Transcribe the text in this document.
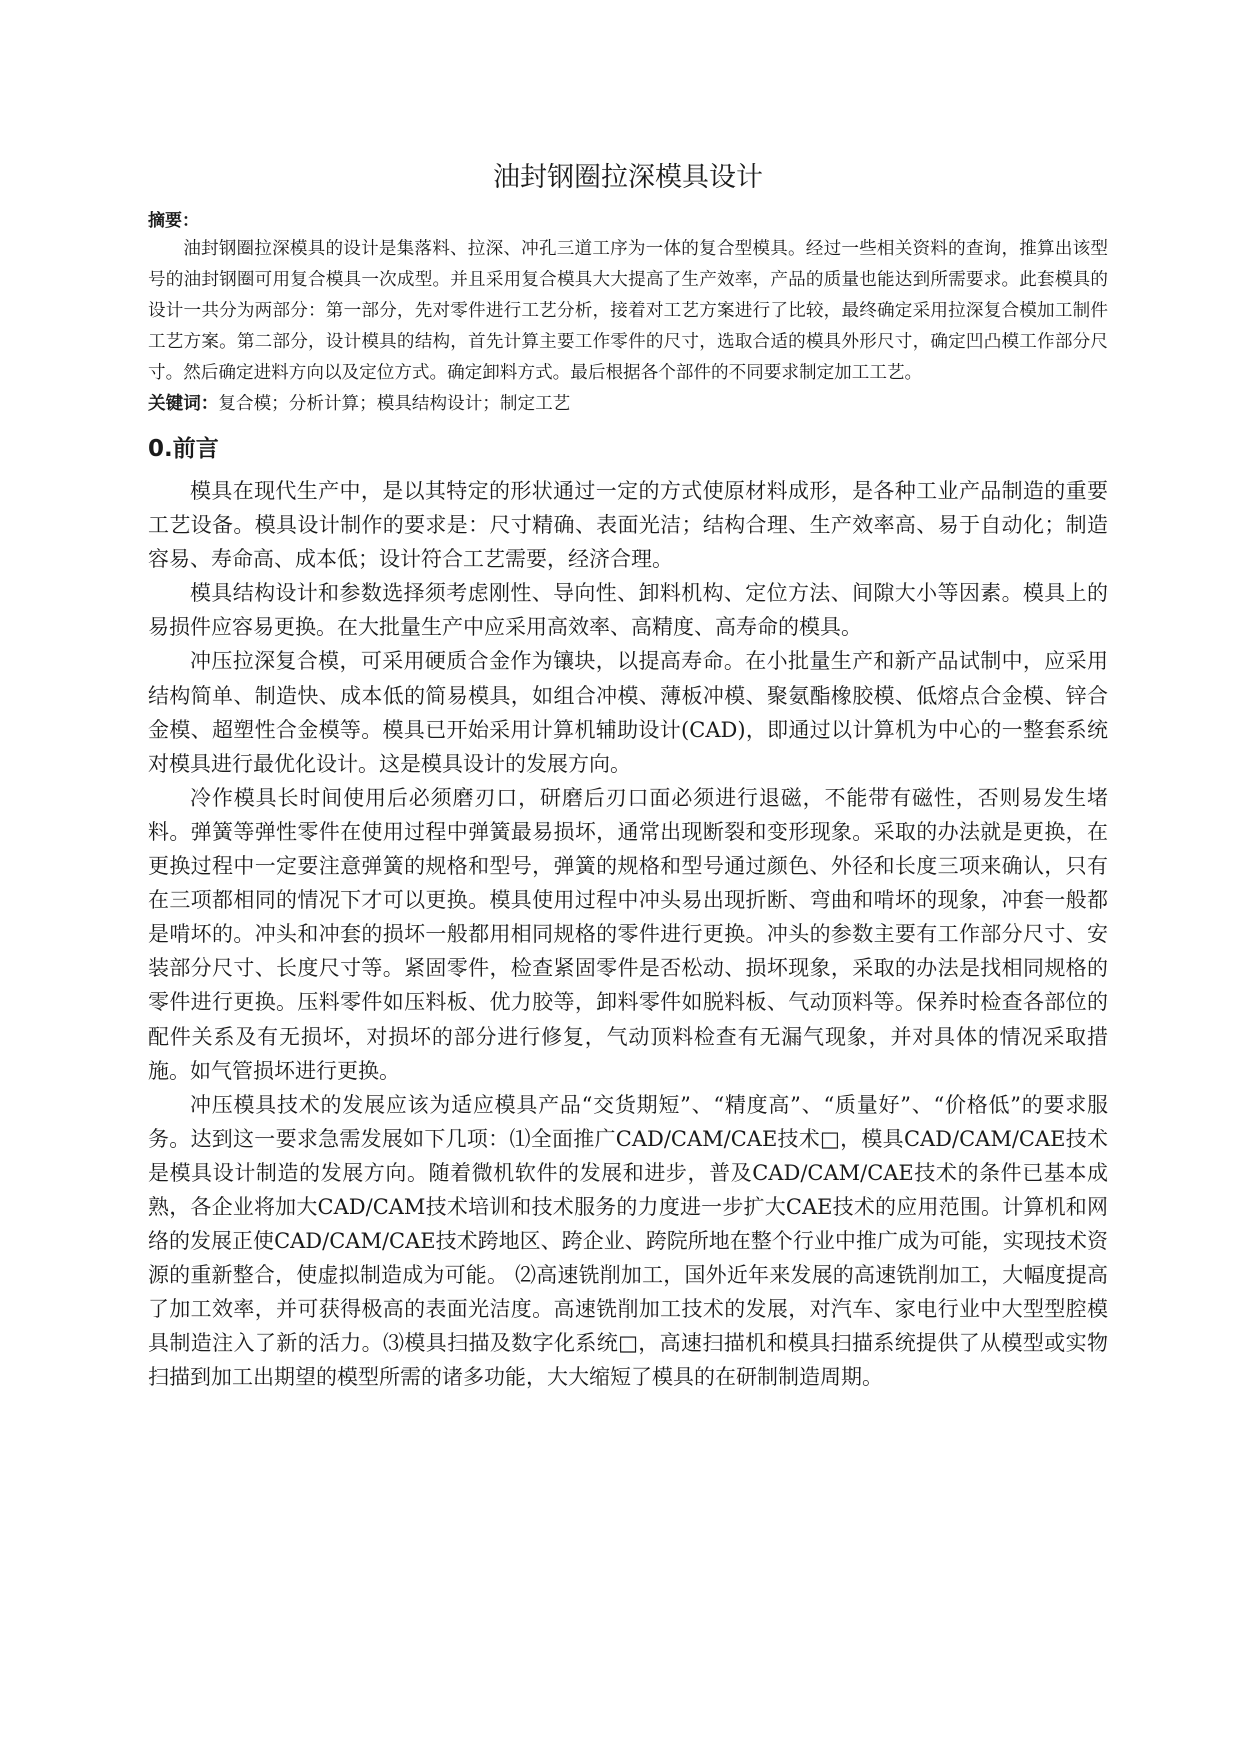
油封钢圈拉深模具设计
摘要：

油封钢圈拉深模具的设计是集落料、拉深、冲孔三道工序为一体的复合型模具。经过一些相关资料的查询，推算出该型号的油封钢圈可用复合模具一次成型。并且采用复合模具大大提高了生产效率，产品的质量也能达到所需要求。此套模具的设计一共分为两部分：第一部分，先对零件进行工艺分析，接着对工艺方案进行了比较，最终确定采用拉深复合模加工制件工艺方案。第二部分，设计模具的结构，首先计算主要工作零件的尺寸，选取合适的模具外形尺寸，确定凹凸模工作部分尺寸。然后确定进料方向以及定位方式。确定卸料方式。最后根据各个部件的不同要求制定加工工艺。

关键词：复合模；分析计算；模具结构设计；制定工艺

0.前言

模具在现代生产中，是以其特定的形状通过一定的方式使原材料成形，是各种工业产品制造的重要工艺设备。模具设计制作的要求是：尺寸精确、表面光洁；结构合理、生产效率高、易于自动化；制造容易、寿命高、成本低；设计符合工艺需要，经济合理。

模具结构设计和参数选择须考虑刚性、导向性、卸料机构、定位方法、间隙大小等因素。模具上的易损件应容易更换。在大批量生产中应采用高效率、高精度、高寿命的模具。

冲压拉深复合模，可采用硬质合金作为镶块，以提高寿命。在小批量生产和新产品试制中，应采用结构简单、制造快、成本低的简易模具，如组合冲模、薄板冲模、聚氨酯橡胶模、低熔点合金模、锌合金模、超塑性合金模等。模具已开始采用计算机辅助设计(CAD)，即通过以计算机为中心的一整套系统对模具进行最优化设计。这是模具设计的发展方向。

冷作模具长时间使用后必须磨刃口，研磨后刃口面必须进行退磁，不能带有磁性，否则易发生堵料。弹簧等弹性零件在使用过程中弹簧最易损坏，通常出现断裂和变形现象。采取的办法就是更换，在更换过程中一定要注意弹簧的规格和型号，弹簧的规格和型号通过颜色、外径和长度三项来确认，只有在三项都相同的情况下才可以更换。模具使用过程中冲头易出现折断、弯曲和啃坏的现象，冲套一般都是啃坏的。冲头和冲套的损坏一般都用相同规格的零件进行更换。冲头的参数主要有工作部分尺寸、安装部分尺寸、长度尺寸等。紧固零件，检查紧固零件是否松动、损坏现象，采取的办法是找相同规格的零件进行更换。压料零件如压料板、优力胶等，卸料零件如脱料板、气动顶料等。保养时检查各部位的配件关系及有无损坏，对损坏的部分进行修复，气动顶料检查有无漏气现象，并对具体的情况采取措施。如气管损坏进行更换。

冲压模具技术的发展应该为适应模具产品“交货期短”、“精度高”、“质量好”、“价格低”的要求服务。达到这一要求急需发展如下几项：⑴全面推广CAD/CAM/CAE技术□，模具CAD/CAM/CAE技术是模具设计制造的发展方向。随着微机软件的发展和进步，普及CAD/CAM/CAE技术的条件已基本成熟，各企业将加大CAD/CAM技术培训和技术服务的力度进一步扩大CAE技术的应用范围。计算机和网络的发展正使CAD/CAM/CAE技术跨地区、跨企业、跨院所地在整个行业中推广成为可能，实现技术资源的重新整合，使虚拟制造成为可能。 ⑵高速铣削加工，国外近年来发展的高速铣削加工，大幅度提高了加工效率，并可获得极高的表面光洁度。高速铣削加工技术的发展，对汽车、家电行业中大型型腔模具制造注入了新的活力。⑶模具扫描及数字化系统□，高速扫描机和模具扫描系统提供了从模型或实物扫描到加工出期望的模型所需的诸多功能，大大缩短了模具的在研制制造周期。
